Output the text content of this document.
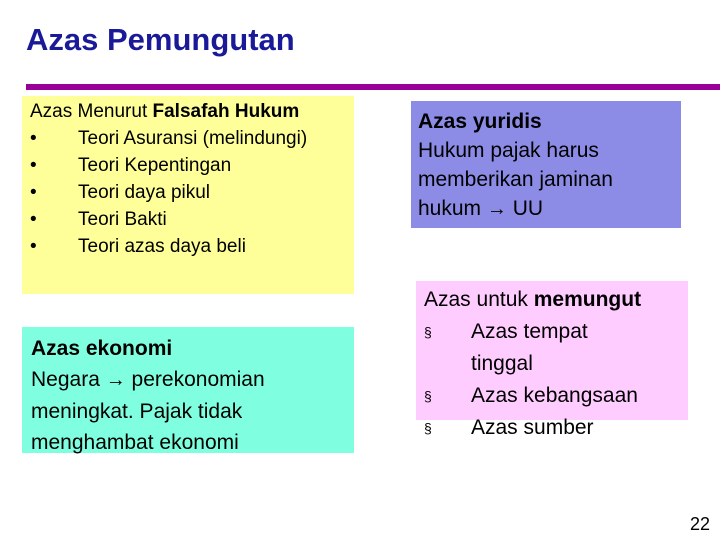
Azas Pemungutan
Azas Menurut Falsafah Hukum
•	Teori Asuransi (melindungi)
•	Teori Kepentingan
•	Teori daya pikul
•	Teori Bakti
•	Teori azas daya beli
Azas yuridis
Hukum pajak harus
memberikan jaminan
hukum → UU
Azas ekonomi
Negara → perekonomian
meningkat. Pajak tidak
menghambat ekonomi
Azas untuk memungut
§	Azas tempat tinggal
§	Azas kebangsaan
§	Azas sumber
22
